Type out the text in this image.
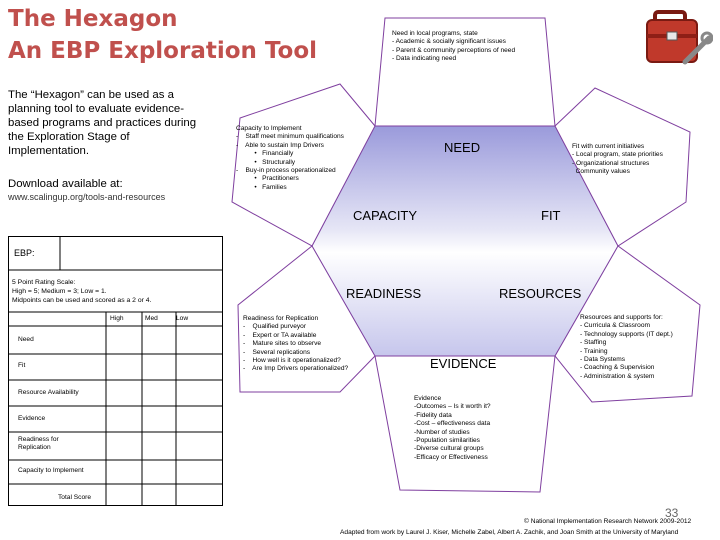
The Hexagon
An EBP Exploration Tool
The “Hexagon” can be used as a planning tool to evaluate evidence-based programs and practices during the Exploration Stage of Implementation.
Download available at:
www.scalingup.org/tools-and-resources
NEED
FIT
RESOURCES
EVIDENCE
READINESS
CAPACITY
Need in local programs, state
- Academic & socially significant issues
- Parent & community perceptions of need
- Data indicating need
Fit with current initiatives
- Local program, state priorities
- Organizational structures
Community values
Resources and supports for:
- Curricula & Classroom
- Technology supports (IT dept.)
- Staffing
- Training
- Data Systems
- Coaching & Supervision
- Administration & system
Evidence
-Outcomes – Is it worth it?
-Fidelity data
-Cost – effectiveness data
-Number of studies
-Population similarities
-Diverse cultural groups
-Efficacy or Effectiveness
Readiness for Replication
-    Qualified purveyor
-    Expert or TA available
-    Mature sites to observe
-    Several replications
-    How well is it operationalized?
-    Are Imp Drivers operationalized?
Capacity to Implement
-    Staff meet minimum qualifications
-    Able to sustain Imp Drivers
•   Financially
•   Structurally
-    Buy-in process operationalized
•   Practitioners
•   Families
EBP:
5 Point Rating Scale:
High = 5; Medium = 3; Low = 1.
Midpoints can be used and scored as a 2 or 4.
High	Med	Low
Need
Fit
Resource Availability
Evidence
Readiness for Replication
Capacity to Implement
Total Score
33
© National Implementation Research Network 2009-2012
Adapted from work by Laurel J. Kiser, Michelle Zabel, Albert A. Zachik, and Joan Smith at the University of Maryland
